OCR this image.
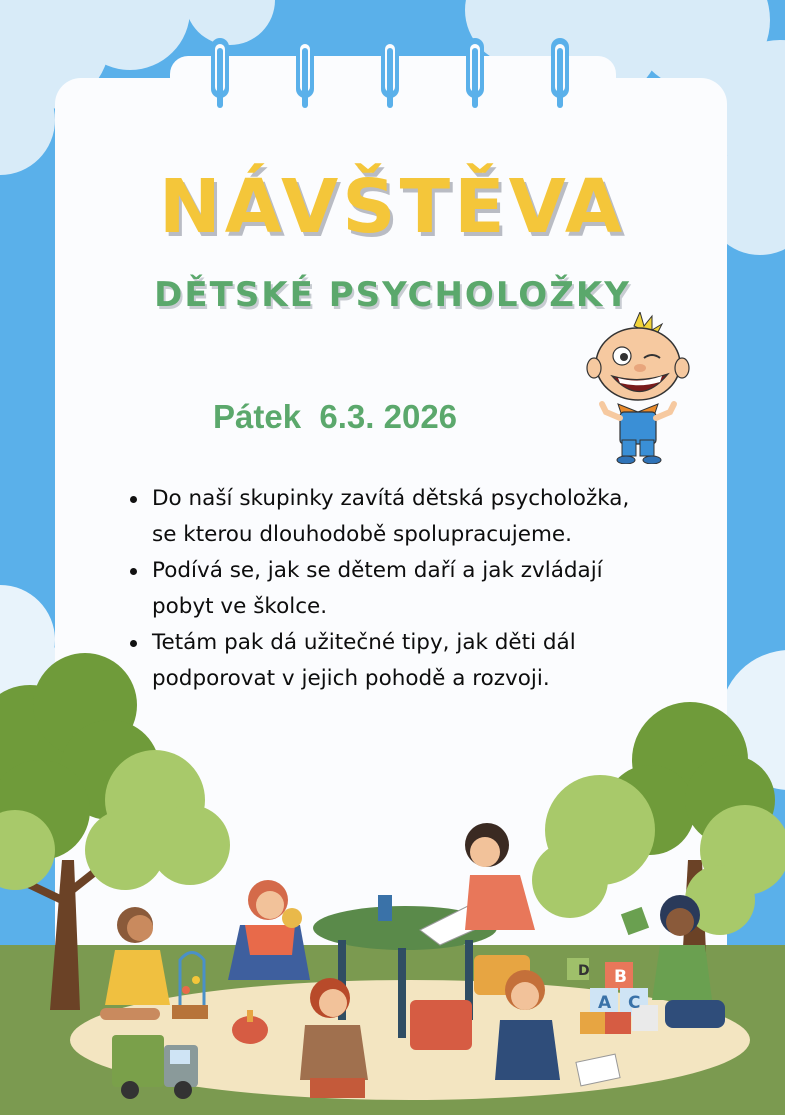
NÁVŠTĚVA
DĚTSKÉ PSYCHOLOŽKY

Pátek  6.3. 2026

Do naší skupinky zavítá dětská psycholožka,
se kterou dlouhodobě spolupracujeme.
Podívá se, jak se dětem daří a jak zvládají
pobyt ve školce.
Tetám pak dá užitečné tipy, jak děti dál
podporovat v jejich pohodě a rozvoji.
D B
A C
